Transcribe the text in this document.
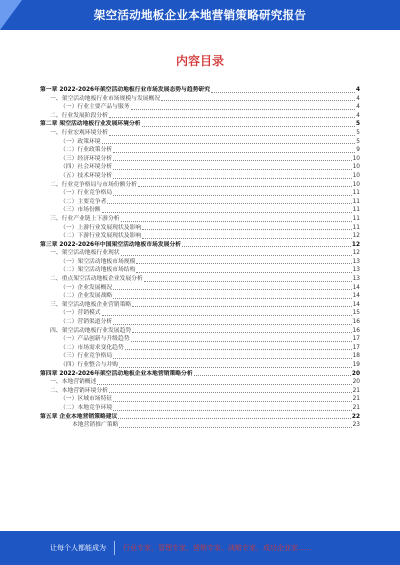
架空活动地板企业本地营销策略研究报告
内容目录
第一章 2022-2026年架空活动地板行业市场发展态势与趋势研究	4
一、架空活动地板行业市场规模与发展概况	4
（一）行业主要产品与服务	4
二、行业发展阶段分析	4
第二章 架空活动地板行业发展环境分析	5
一、行业宏观环境分析	5
（一）政策环境	5
（二）行业政策分析	9
（三）经济环境分析	10
（四）社会环境分析	10
（五）技术环境分析	10
二、行业竞争格局与市场份额分析	10
（一）行业竞争格局	11
（二）主要竞争者	11
（三）市场份额	11
三、行业产业链上下游分析	11
（一）上游行业发展现状及影响	11
（二）下游行业发展现状及影响	12
第三章 2022-2026年中国架空活动地板市场发展分析	12
一、架空活动地板行业现状	12
（一）架空活动地板市场规模	13
（二）架空活动地板市场结构	13
二、重点架空活动地板企业发展分析	13
（一）企业发展概况	14
（二）企业发展战略	14
三、架空活动地板企业营销策略	14
（一）营销模式	15
（二）营销渠道分析	16
四、架空活动地板行业发展趋势	16
（一）产品创新与升级趋势	17
（二）市场需求变化趋势	17
（三）行业竞争格局	18
（四）行业整合与并购	19
第四章 2022-2026年架空活动地板企业本地营销策略分析	20
一、本地营销概述	20
二、本地营销环境分析	21
（一）区域市场特征	21
（二）本地竞争环境	21
第五章 企业本地营销策略建议	22
本地营销推广策略	23
让每个人都能成为 行业专家、管理专家、营销专家、战略专家、成功企业家……
